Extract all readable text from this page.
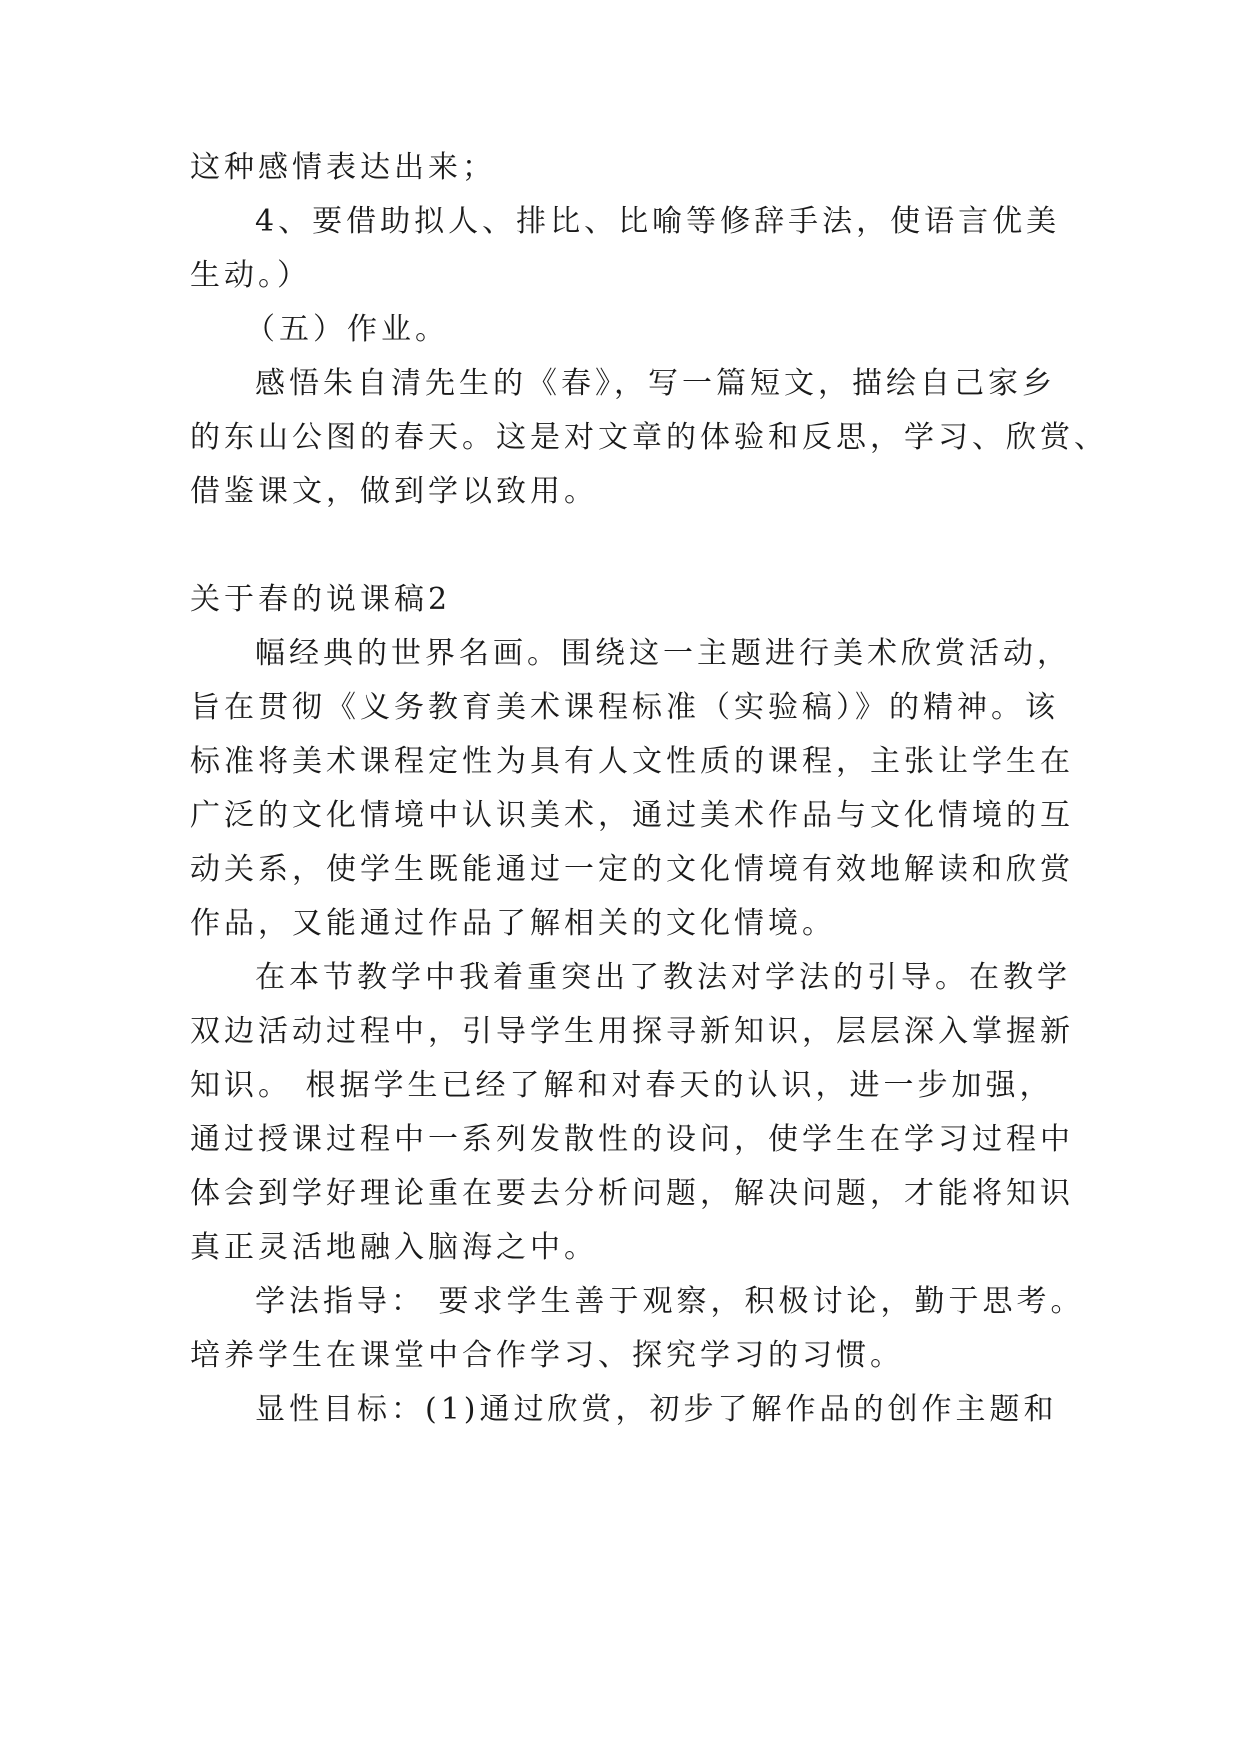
这种感情表达出来；
4、要借助拟人、排比、比喻等修辞手法，使语言优美
生动。）
（五）作业。
感悟朱自清先生的《春》，写一篇短文，描绘自己家乡
的东山公图的春天。这是对文章的体验和反思，学习、欣赏、
借鉴课文，做到学以致用。
关于春的说课稿2
幅经典的世界名画。围绕这一主题进行美术欣赏活动，
旨在贯彻《义务教育美术课程标准（实验稿）》的精神。该
标准将美术课程定性为具有人文性质的课程，主张让学生在
广泛的文化情境中认识美术，通过美术作品与文化情境的互
动关系，使学生既能通过一定的文化情境有效地解读和欣赏
作品，又能通过作品了解相关的文化情境。
在本节教学中我着重突出了教法对学法的引导。在教学
双边活动过程中，引导学生用探寻新知识，层层深入掌握新
知识。 根据学生已经了解和对春天的认识，进一步加强，
通过授课过程中一系列发散性的设问，使学生在学习过程中
体会到学好理论重在要去分析问题，解决问题，才能将知识
真正灵活地融入脑海之中。
学法指导： 要求学生善于观察，积极讨论，勤于思考。
培养学生在课堂中合作学习、探究学习的习惯。
显性目标：(1)通过欣赏，初步了解作品的创作主题和
